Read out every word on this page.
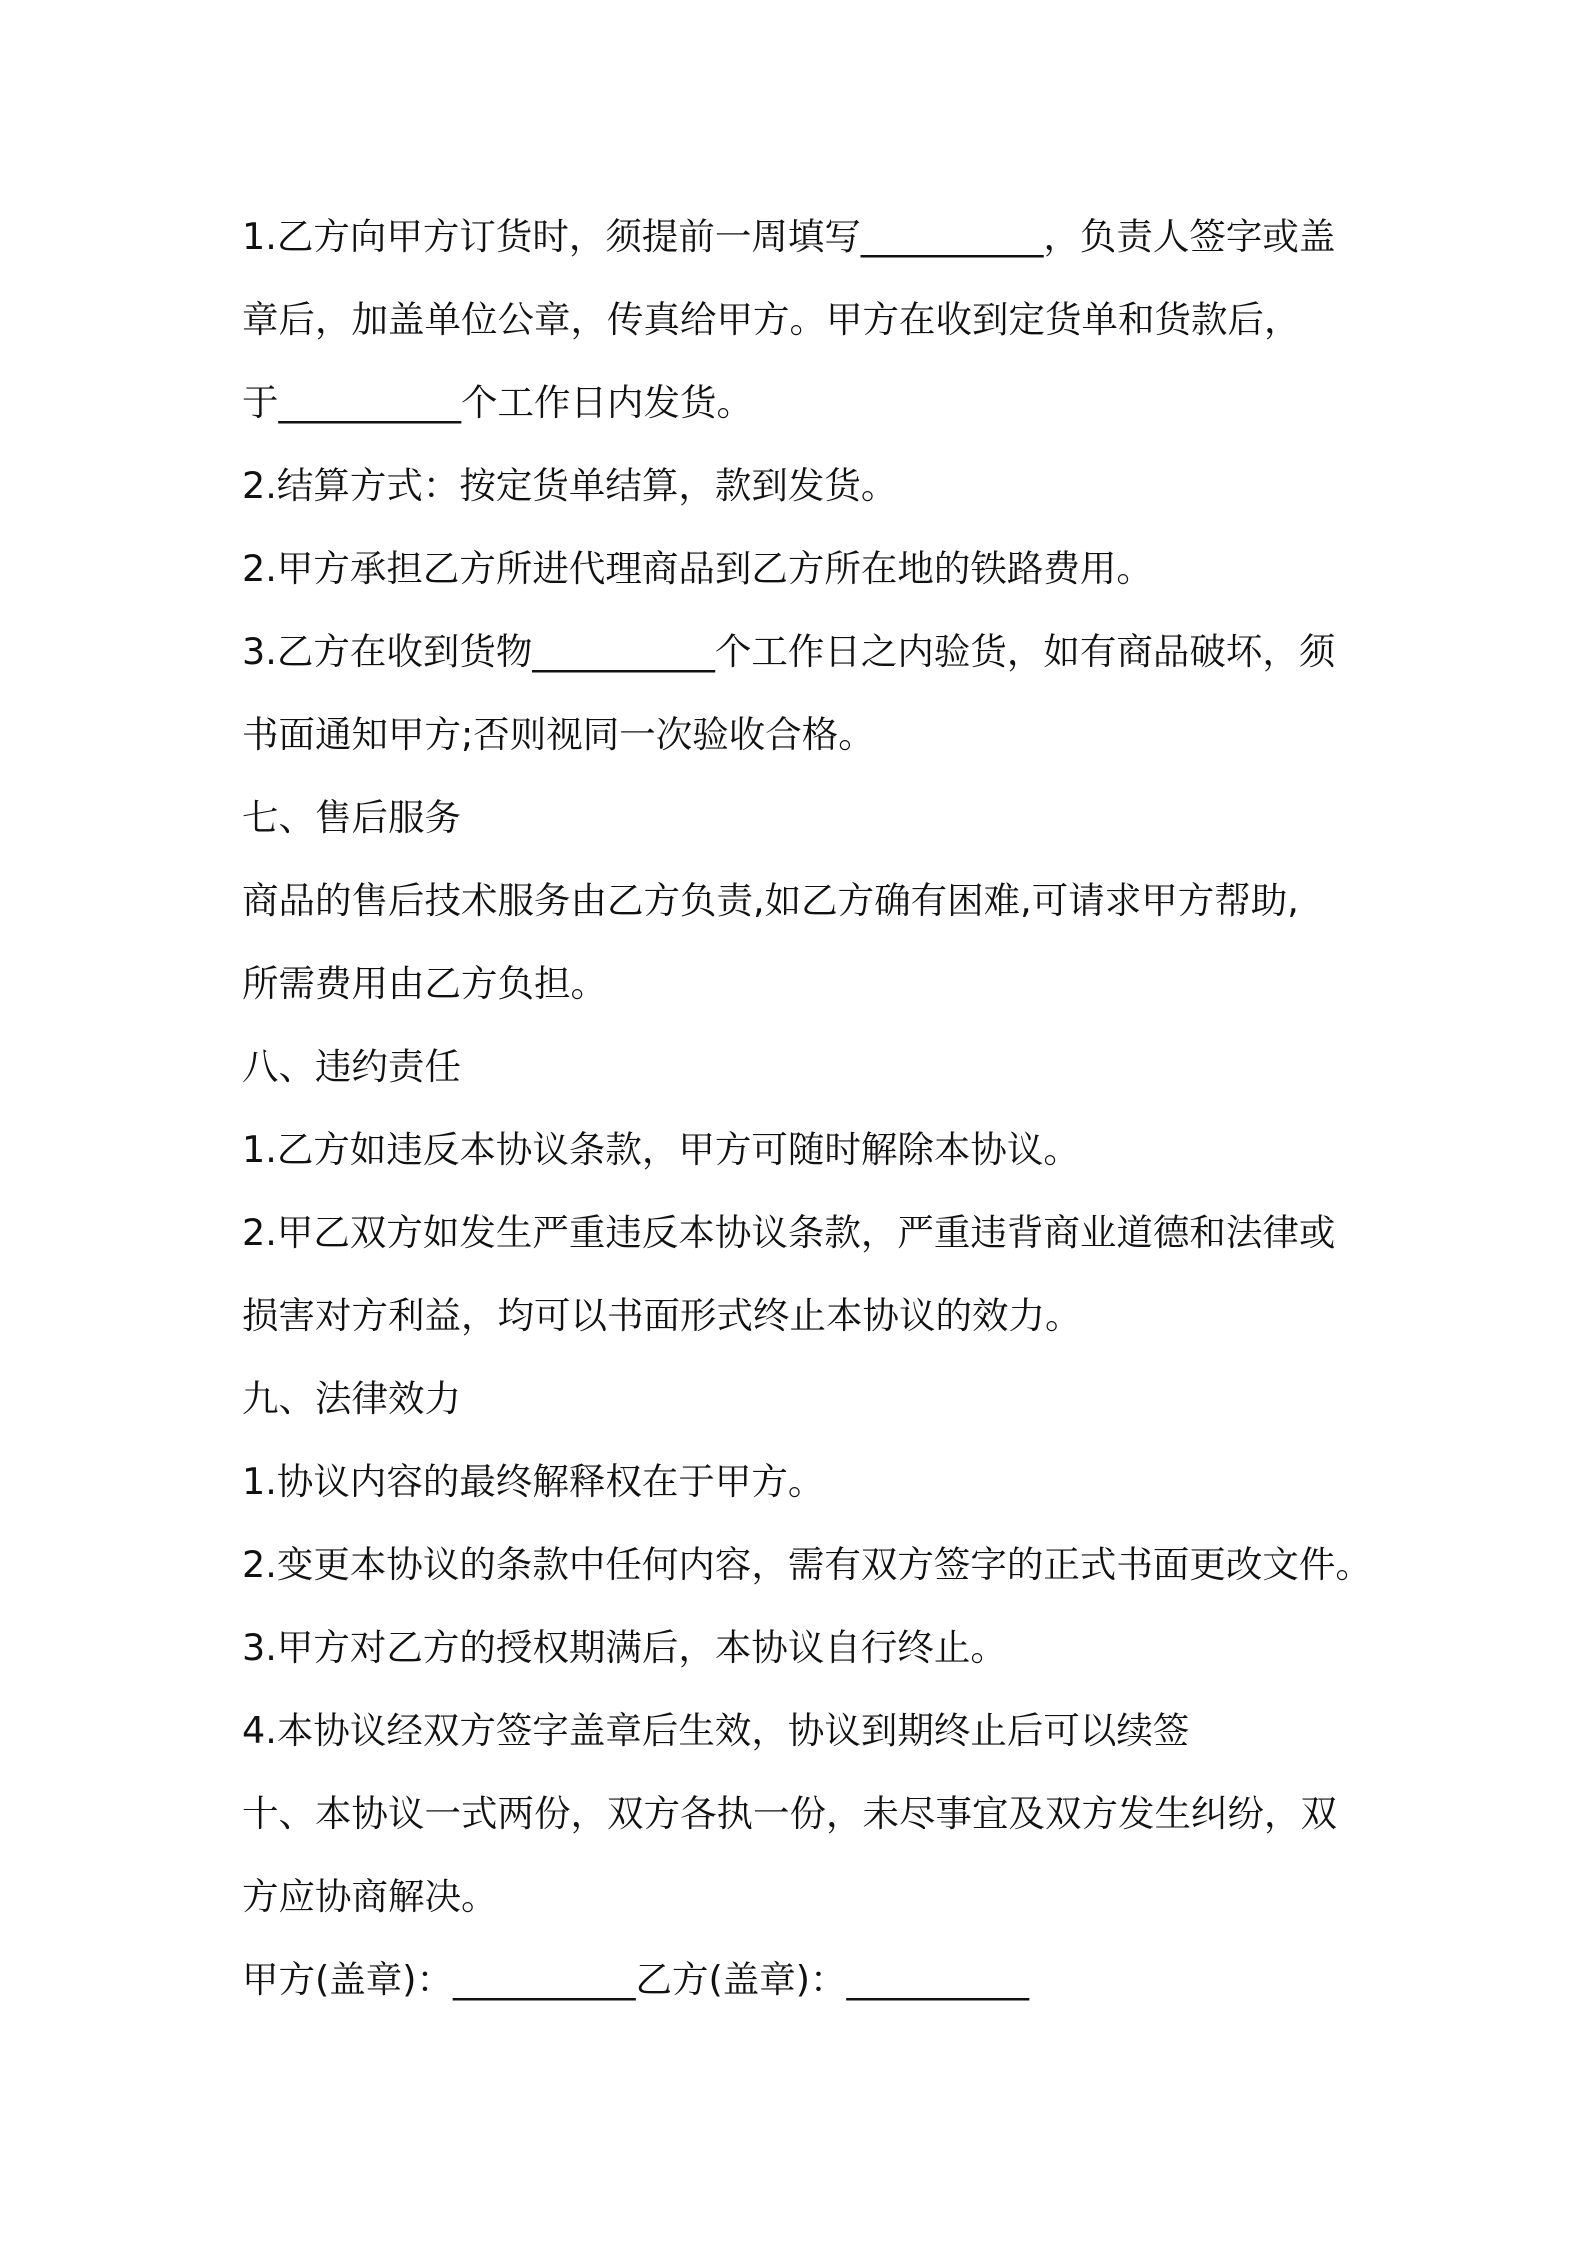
1.乙方向甲方订货时，须提前一周填写__________，负责人签字或盖
章后，加盖单位公章，传真给甲方。甲方在收到定货单和货款后，
于__________个工作日内发货。
2.结算方式：按定货单结算，款到发货。
2.甲方承担乙方所进代理商品到乙方所在地的铁路费用。
3.乙方在收到货物__________个工作日之内验货，如有商品破坏，须
书面通知甲方;否则视同一次验收合格。
七、售后服务
商品的售后技术服务由乙方负责,如乙方确有困难,可请求甲方帮助,
所需费用由乙方负担。
八、违约责任
1.乙方如违反本协议条款，甲方可随时解除本协议。
2.甲乙双方如发生严重违反本协议条款，严重违背商业道德和法律或
损害对方利益，均可以书面形式终止本协议的效力。
九、法律效力
1.协议内容的最终解释权在于甲方。
2.变更本协议的条款中任何内容，需有双方签字的正式书面更改文件。
3.甲方对乙方的授权期满后，本协议自行终止。
4.本协议经双方签字盖章后生效，协议到期终止后可以续签
十、本协议一式两份，双方各执一份，未尽事宜及双方发生纠纷，双
方应协商解决。
甲方(盖章)：__________乙方(盖章)：__________
